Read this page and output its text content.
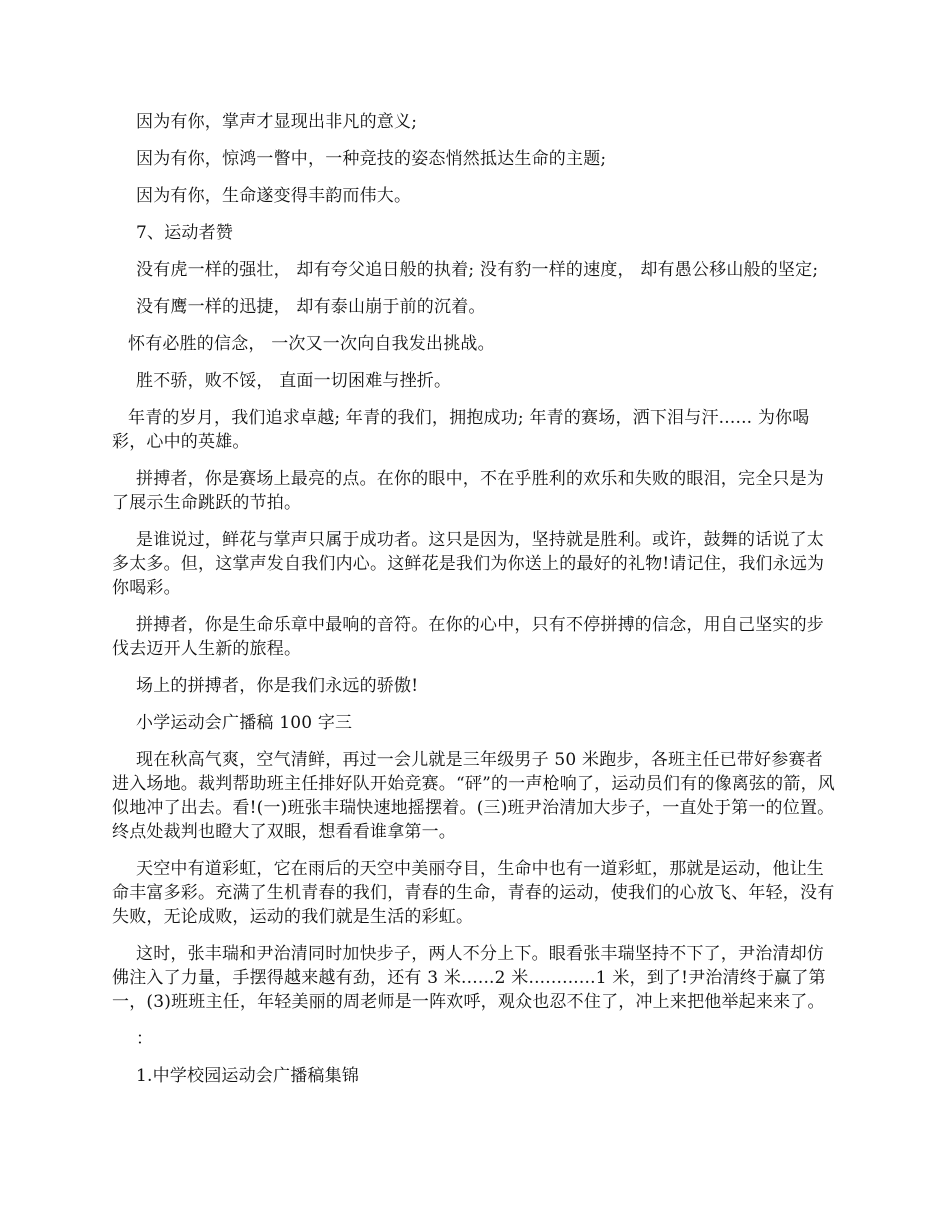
因为有你，掌声才显现出非凡的意义;

因为有你，惊鸿一瞥中，一种竞技的姿态悄然抵达生命的主题;

因为有你，生命遂变得丰韵而伟大。

7、运动者赞

没有虎一样的强壮， 却有夸父追日般的执着; 没有豹一样的速度， 却有愚公移山般的坚定;

没有鹰一样的迅捷， 却有泰山崩于前的沉着。

怀有必胜的信念， 一次又一次向自我发出挑战。

胜不骄，败不馁， 直面一切困难与挫折。

年青的岁月，我们追求卓越; 年青的我们，拥抱成功; 年青的赛场，洒下泪与汗...... 为你喝彩，心中的英雄。

拼搏者，你是赛场上最亮的点。在你的眼中，不在乎胜利的欢乐和失败的眼泪，完全只是为了展示生命跳跃的节拍。

是谁说过，鲜花与掌声只属于成功者。这只是因为，坚持就是胜利。或许，鼓舞的话说了太多太多。但，这掌声发自我们内心。这鲜花是我们为你送上的最好的礼物!请记住，我们永远为你喝彩。

拼搏者，你是生命乐章中最响的音符。在你的心中，只有不停拼搏的信念，用自己坚实的步伐去迈开人生新的旅程。

场上的拼搏者，你是我们永远的骄傲!

小学运动会广播稿 100 字三

现在秋高气爽，空气清鲜，再过一会儿就是三年级男子 50 米跑步，各班主任已带好参赛者进入场地。裁判帮助班主任排好队开始竞赛。“砰”的一声枪响了，运动员们有的像离弦的箭，风似地冲了出去。看!(一)班张丰瑞快速地摇摆着。(三)班尹治清加大步子，一直处于第一的位置。终点处裁判也瞪大了双眼，想看看谁拿第一。

天空中有道彩虹，它在雨后的天空中美丽夺目，生命中也有一道彩虹，那就是运动，他让生命丰富多彩。充满了生机青春的我们，青春的生命，青春的运动，使我们的心放飞、年轻，没有失败，无论成败，运动的我们就是生活的彩虹。

这时，张丰瑞和尹治清同时加快步子，两人不分上下。眼看张丰瑞坚持不下了，尹治清却仿佛注入了力量，手摆得越来越有劲，还有 3 米......2 米............1 米，到了!尹治清终于赢了第一，(3)班班主任，年轻美丽的周老师是一阵欢呼，观众也忍不住了，冲上来把他举起来来了。

：

1.中学校园运动会广播稿集锦
